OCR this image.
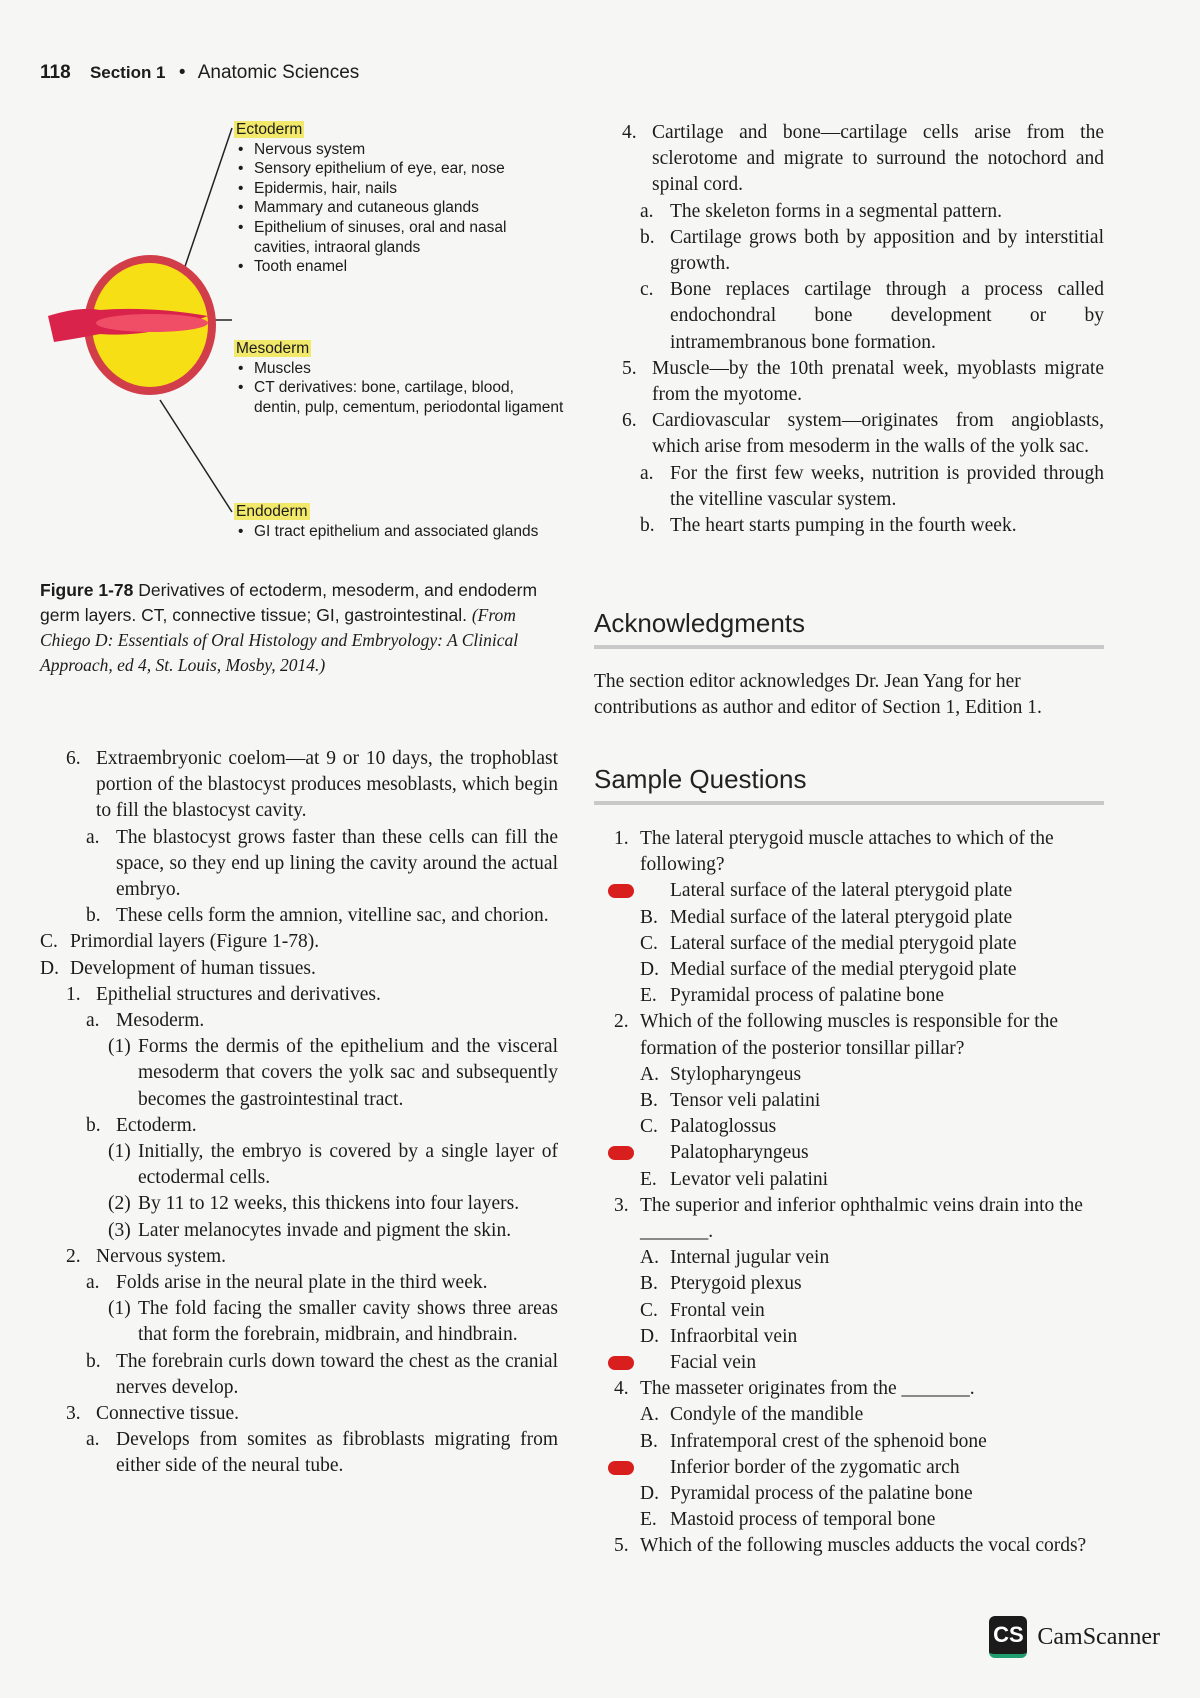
118 Section 1 • Anatomic Sciences
Ectoderm
• Nervous system
• Sensory epithelium of eye, ear, nose
• Epidermis, hair, nails
• Mammary and cutaneous glands
• Epithelium of sinuses, oral and nasal cavities, intraoral glands
• Tooth enamel
Mesoderm
• Muscles
• CT derivatives: bone, cartilage, blood, dentin, pulp, cementum, periodontal ligament
Endoderm
• GI tract epithelium and associated glands
Figure 1-78 Derivatives of ectoderm, mesoderm, and endoderm germ layers. CT, connective tissue; GI, gastrointestinal. (From Chiego D: Essentials of Oral Histology and Embryology: A Clinical Approach, ed 4, St. Louis, Mosby, 2014.)
6. Extraembryonic coelom—at 9 or 10 days, the trophoblast portion of the blastocyst produces mesoblasts, which begin to fill the blastocyst cavity.
a. The blastocyst grows faster than these cells can fill the space, so they end up lining the cavity around the actual embryo.
b. These cells form the amnion, vitelline sac, and chorion.
C. Primordial layers (Figure 1-78).
D. Development of human tissues.
1. Epithelial structures and derivatives.
a. Mesoderm.
(1) Forms the dermis of the epithelium and the visceral mesoderm that covers the yolk sac and subsequently becomes the gastrointestinal tract.
b. Ectoderm.
(1) Initially, the embryo is covered by a single layer of ectodermal cells.
(2) By 11 to 12 weeks, this thickens into four layers.
(3) Later melanocytes invade and pigment the skin.
2. Nervous system.
a. Folds arise in the neural plate in the third week.
(1) The fold facing the smaller cavity shows three areas that form the forebrain, midbrain, and hindbrain.
b. The forebrain curls down toward the chest as the cranial nerves develop.
3. Connective tissue.
a. Develops from somites as fibroblasts migrating from either side of the neural tube.
4. Cartilage and bone—cartilage cells arise from the sclerotome and migrate to surround the notochord and spinal cord.
a. The skeleton forms in a segmental pattern.
b. Cartilage grows both by apposition and by interstitial growth.
c. Bone replaces cartilage through a process called endochondral bone development or by intramembranous bone formation.
5. Muscle—by the 10th prenatal week, myoblasts migrate from the myotome.
6. Cardiovascular system—originates from angioblasts, which arise from mesoderm in the walls of the yolk sac.
a. For the first few weeks, nutrition is provided through the vitelline vascular system.
b. The heart starts pumping in the fourth week.
Acknowledgments
The section editor acknowledges Dr. Jean Yang for her contributions as author and editor of Section 1, Edition 1.
Sample Questions
1. The lateral pterygoid muscle attaches to which of the following?
Lateral surface of the lateral pterygoid plate
B. Medial surface of the lateral pterygoid plate
C. Lateral surface of the medial pterygoid plate
D. Medial surface of the medial pterygoid plate
E. Pyramidal process of palatine bone
2. Which of the following muscles is responsible for the formation of the posterior tonsillar pillar?
A. Stylopharyngeus
B. Tensor veli palatini
C. Palatoglossus
Palatopharyngeus
E. Levator veli palatini
3. The superior and inferior ophthalmic veins drain into the _______.
A. Internal jugular vein
B. Pterygoid plexus
C. Frontal vein
D. Infraorbital vein
Facial vein
4. The masseter originates from the _______.
A. Condyle of the mandible
B. Infratemporal crest of the sphenoid bone
Inferior border of the zygomatic arch
D. Pyramidal process of the palatine bone
E. Mastoid process of temporal bone
5. Which of the following muscles adducts the vocal cords?
CS CamScanner
